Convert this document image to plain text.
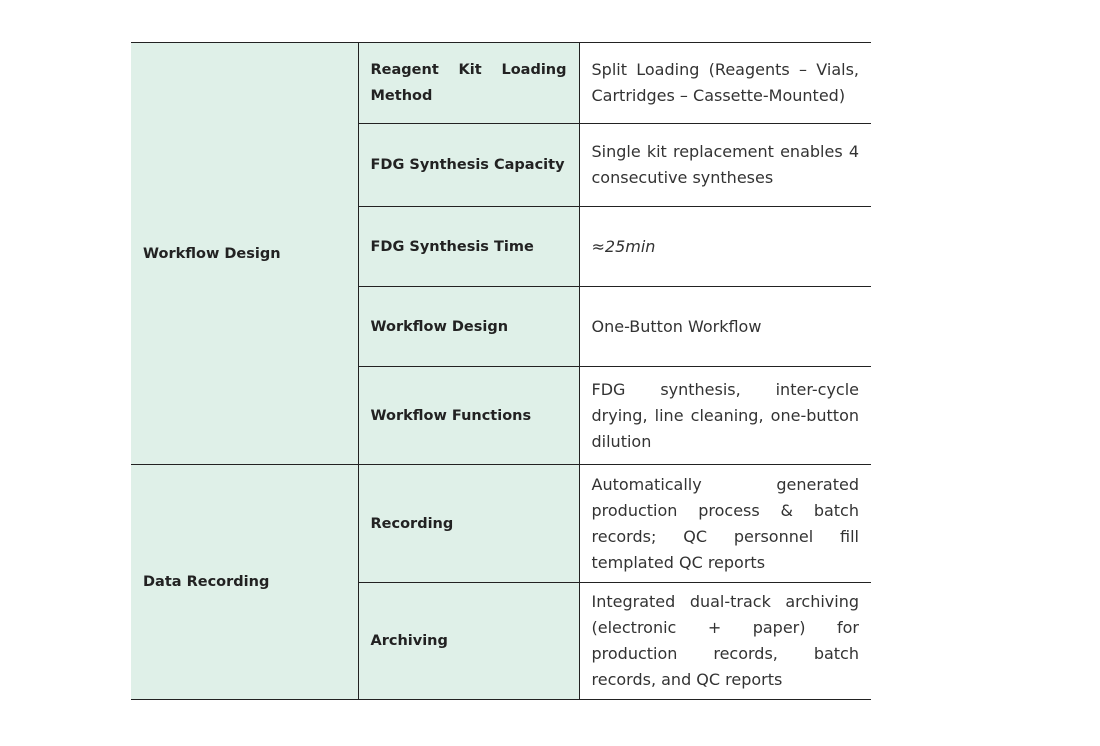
Workflow Design	Reagent Kit Loading Method	Split Loading (Reagents – Vials, Cartridges – Cassette-Mounted)
	FDG Synthesis Capacity	Single kit replacement enables 4 consecutive syntheses
	FDG Synthesis Time	≈25min
	Workflow Design	One-Button Workflow
	Workflow Functions	FDG synthesis, inter-cycle drying, line cleaning, one-button dilution
Data Recording	Recording	Automatically generated production process & batch records; QC personnel fill templated QC reports
	Archiving	Integrated dual-track archiving (electronic + paper) for production records, batch records, and QC reports
